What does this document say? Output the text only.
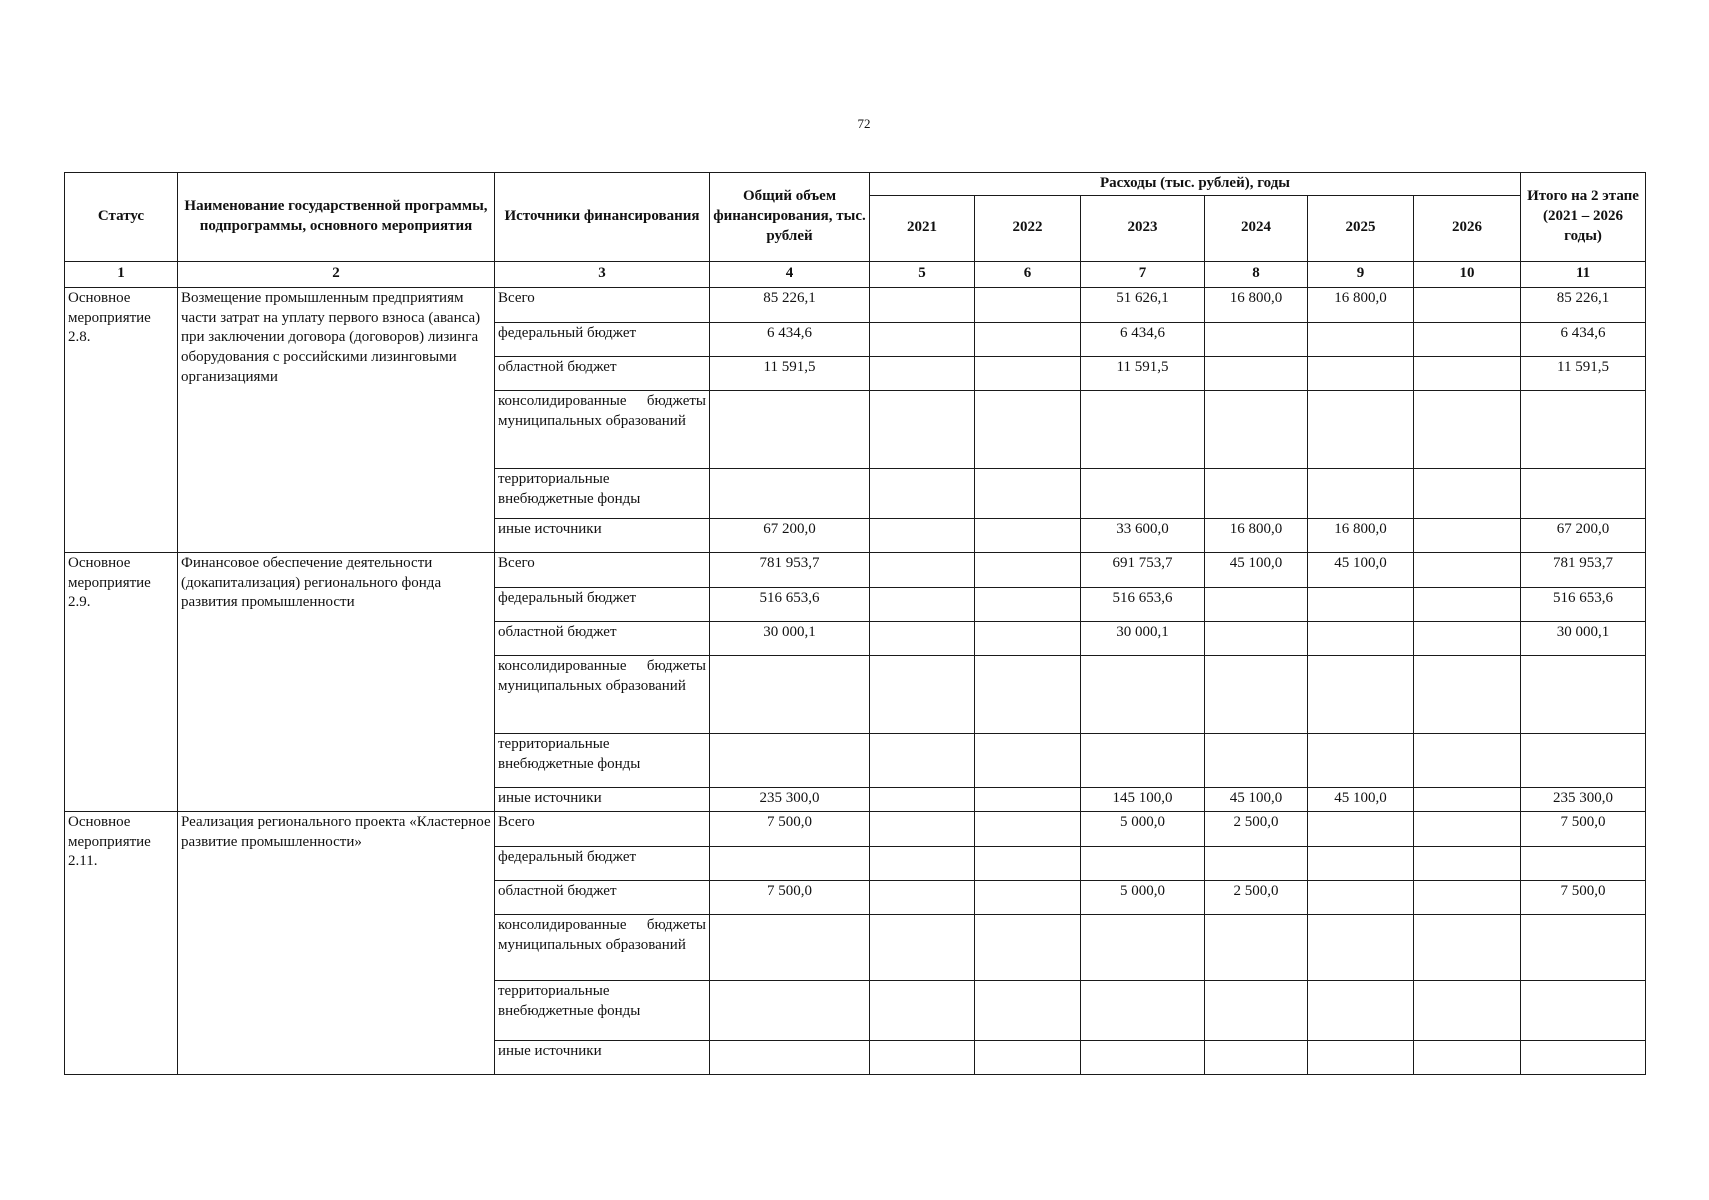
72
Статус	Наименование государственной программы, подпрограммы, основного мероприятия	Источники финансирования	Общий объем финансирования, тыс. рублей	Расходы (тыс. рублей), годы						Итого на 2 этапе (2021 – 2026 годы)
				2021	2022	2023	2024	2025	2026	
1	2	3	4	5	6	7	8	9	10	11
Основное мероприятие 2.8.	Возмещение промышленным предприятиям части затрат на уплату первого взноса (аванса) при заключении договора (договоров) лизинга оборудования с российскими лизинговыми организациями	Всего	85 226,1			51 626,1	16 800,0	16 800,0		85 226,1
		федеральный бюджет	6 434,6			6 434,6				6 434,6
		областной бюджет	11 591,5			11 591,5				11 591,5
		консолидированные бюджеты муниципальных образований								
		территориальные внебюджетные фонды								
		иные источники	67 200,0			33 600,0	16 800,0	16 800,0		67 200,0
Основное мероприятие 2.9.	Финансовое обеспечение деятельности (докапитализация) регионального фонда развития промышленности	Всего	781 953,7			691 753,7	45 100,0	45 100,0		781 953,7
		федеральный бюджет	516 653,6			516 653,6				516 653,6
		областной бюджет	30 000,1			30 000,1				30 000,1
		консолидированные бюджеты муниципальных образований								
		территориальные внебюджетные фонды								
		иные источники	235 300,0			145 100,0	45 100,0	45 100,0		235 300,0
Основное мероприятие 2.11.	Реализация регионального проекта «Кластерное развитие промышленности»	Всего	7 500,0			5 000,0	2 500,0			7 500,0
		федеральный бюджет								
		областной бюджет	7 500,0			5 000,0	2 500,0			7 500,0
		консолидированные бюджеты муниципальных образований								
		территориальные внебюджетные фонды								
		иные источники								
